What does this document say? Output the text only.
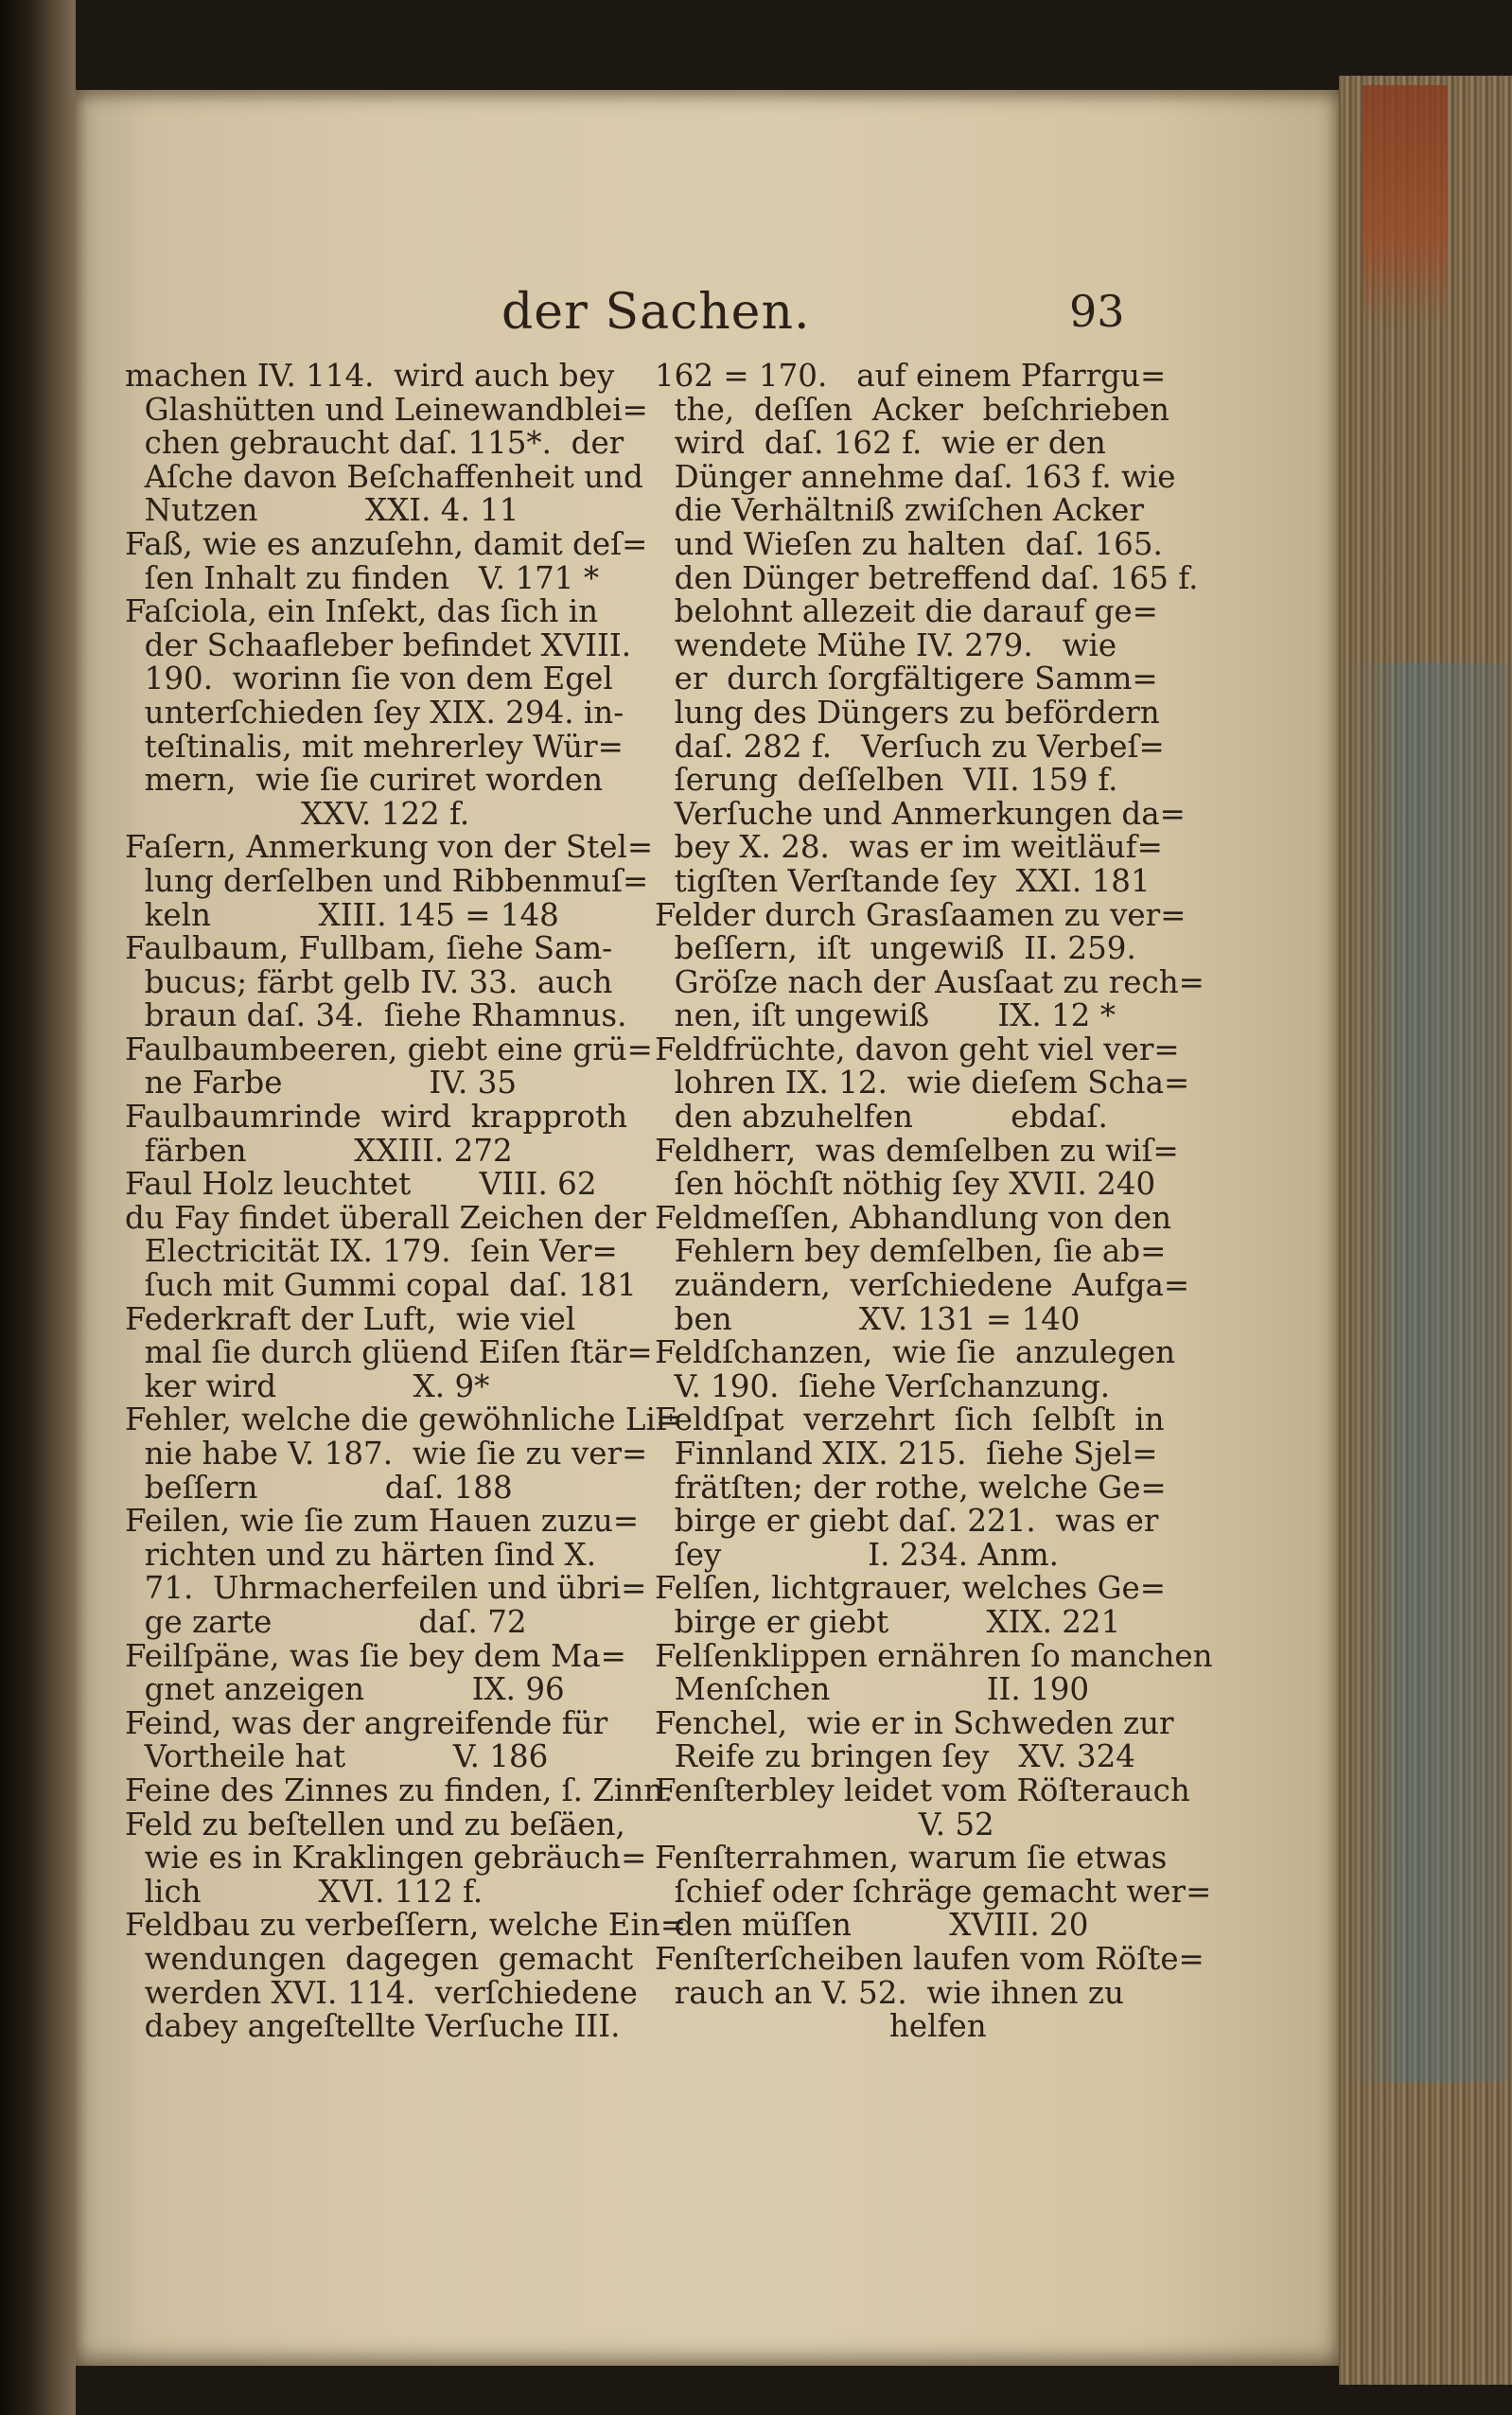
der Sachen.	93
machen IV. 114.  wird auch bey
Glashütten und Leinewandblei=
chen gebraucht daſ. 115*.  der
Aſche davon Beſchaffenheit und
Nutzen           XXI. 4. 11
Faß, wie es anzuſehn, damit deſ=
ſen Inhalt zu finden   V. 171 *
Faſciola, ein Inſekt, das ſich in
der Schaafleber befindet XVIII.
190.  worinn ſie von dem Egel
unterſchieden ſey XIX. 294. in-
teſtinalis, mit mehrerley Wür=
mern,  wie ſie curiret worden
XXV. 122 f.
Faſern, Anmerkung von der Stel=
lung derſelben und Ribbenmuſ=
keln           XIII. 145 = 148
Faulbaum, Fullbam, ſiehe Sam-
bucus; färbt gelb IV. 33.  auch
braun daſ. 34.  ſiehe Rhamnus.
Faulbaumbeeren, giebt eine grü=
ne Farbe               IV. 35
Faulbaumrinde  wird  krapproth
färben           XXIII. 272
Faul Holz leuchtet       VIII. 62
du Fay findet überall Zeichen der
Electricität IX. 179.  ſein Ver=
ſuch mit Gummi copal  daſ. 181
Federkraft der Luft,  wie viel
mal ſie durch glüend Eiſen ſtär=
ker wird              X. 9*
Fehler, welche die gewöhnliche Li=
nie habe V. 187.  wie ſie zu ver=
beſſern             daſ. 188
Feilen, wie ſie zum Hauen zuzu=
richten und zu härten ſind X.
71.  Uhrmacherfeilen und übri=
ge zarte               daſ. 72
Feilſpäne, was ſie bey dem Ma=
gnet anzeigen           IX. 96
Feind, was der angreifende für
Vortheile hat           V. 186
Feine des Zinnes zu finden, ſ. Zinn.
Feld zu beſtellen und zu beſäen,
wie es in Kraklingen gebräuch=
lich            XVI. 112 f.
Feldbau zu verbeſſern, welche Ein=
wendungen  dagegen  gemacht
werden XVI. 114.  verſchiedene
dabey angeſtellte Verſuche III.
162 = 170.   auf einem Pfarrgu=
the,  deſſen  Acker  beſchrieben
wird  daſ. 162 f.  wie er den
Dünger annehme daſ. 163 f. wie
die Verhältniß zwiſchen Acker
und Wieſen zu halten  daſ. 165.
den Dünger betreffend daſ. 165 f.
belohnt allezeit die darauf ge=
wendete Mühe IV. 279.   wie
er  durch ſorgfältigere Samm=
lung des Düngers zu befördern
daſ. 282 f.   Verſuch zu Verbeſ=
ſerung  deſſelben  VII. 159 f.
Verſuche und Anmerkungen da=
bey X. 28.  was er im weitläuf=
tigſten Verſtande ſey  XXI. 181
Felder durch Grasſaamen zu ver=
beſſern,  iſt  ungewiß  II. 259.
Gröſze nach der Ausſaat zu rech=
nen, iſt ungewiß       IX. 12 *
Feldfrüchte, davon geht viel ver=
lohren IX. 12.  wie dieſem Scha=
den abzuhelfen          ebdaſ.
Feldherr,  was demſelben zu wiſ=
ſen höchſt nöthig ſey XVII. 240
Feldmeſſen, Abhandlung von den
Fehlern bey demſelben, ſie ab=
zuändern,  verſchiedene  Aufga=
ben             XV. 131 = 140
Feldſchanzen,  wie ſie  anzulegen
V. 190.  ſiehe Verſchanzung.
Feldſpat  verzehrt  ſich  ſelbſt  in
Finnland XIX. 215.  ſiehe Sjel=
frätſten; der rothe, welche Ge=
birge er giebt daſ. 221.  was er
ſey               I. 234. Anm.
Felſen, lichtgrauer, welches Ge=
birge er giebt          XIX. 221
Felſenklippen ernähren ſo manchen
Menſchen                II. 190
Fenchel,  wie er in Schweden zur
Reife zu bringen ſey   XV. 324
Fenſterbley leidet vom Röſterauch
V. 52
Fenſterrahmen, warum ſie etwas
ſchief oder ſchräge gemacht wer=
den müſſen          XVIII. 20
Fenſterſcheiben laufen vom Röſte=
rauch an V. 52.  wie ihnen zu
helfen
